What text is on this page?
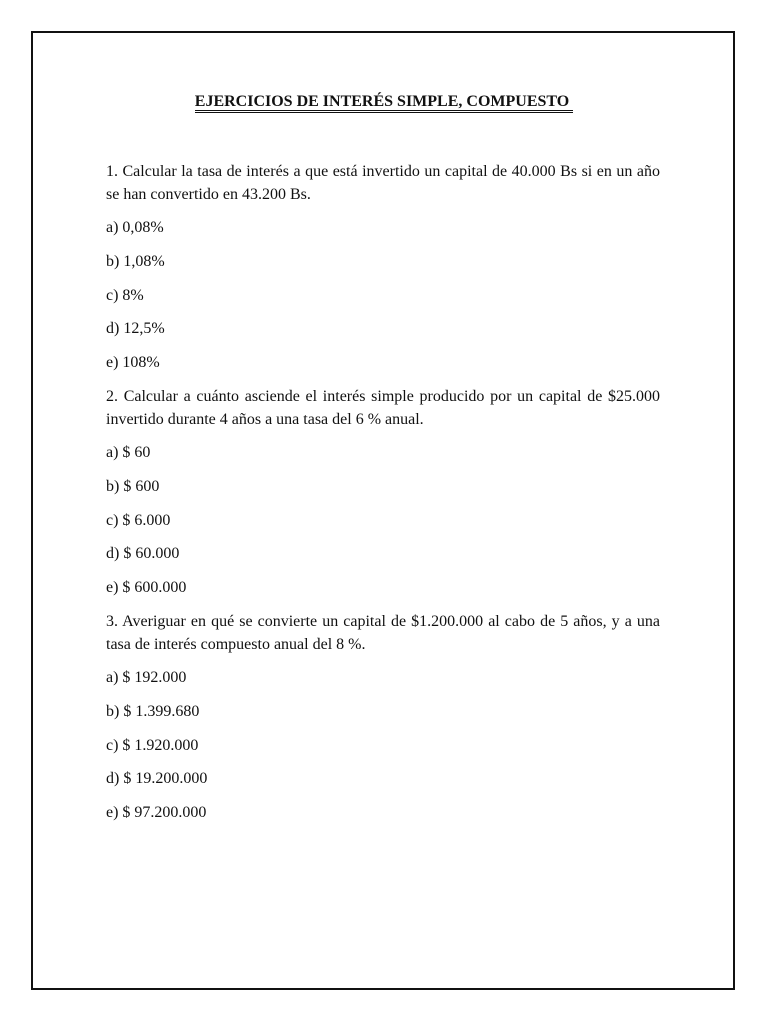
EJERCICIOS DE INTERÉS SIMPLE, COMPUESTO

1. Calcular la tasa de interés a que está invertido un capital de 40.000 Bs si en un año se han convertido en 43.200 Bs.

a) 0,08%
b) 1,08%
c) 8%
d) 12,5%
e) 108%

2. Calcular a cuánto asciende el interés simple producido por un capital de $25.000 invertido durante 4 años a una tasa del 6 % anual.

a) $ 60
b) $ 600
c) $ 6.000
d) $ 60.000
e) $ 600.000

3. Averiguar en qué se convierte un capital de $1.200.000 al cabo de 5 años, y a una tasa de interés compuesto anual del 8 %.

a) $ 192.000
b) $ 1.399.680
c) $ 1.920.000
d) $ 19.200.000
e) $ 97.200.000
